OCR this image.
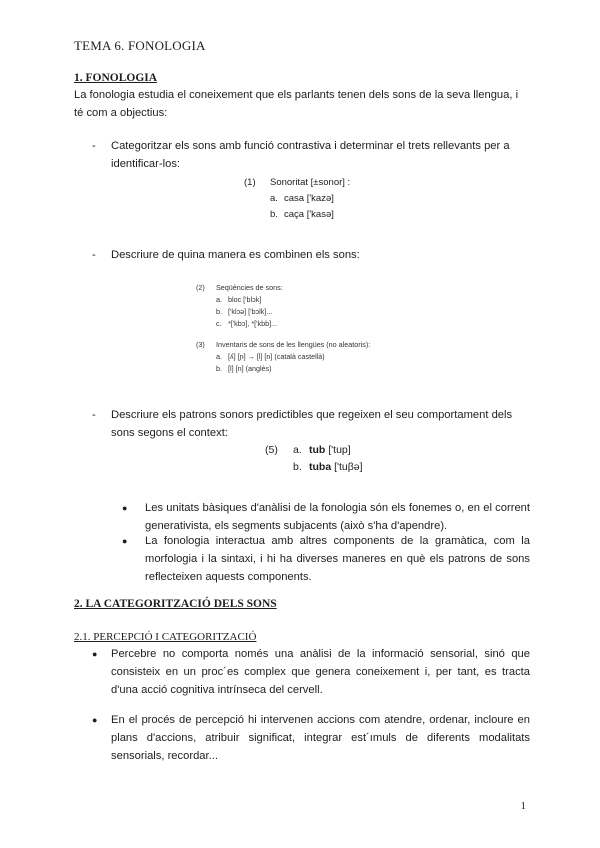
TEMA 6. FONOLOGIA
1. FONOLOGIA
La fonologia estudia el coneixement que els parlants tenen dels sons de la seva llengua, i té com a objectius:
-	Categoritzar els sons amb funció contrastiva i determinar el trets rellevants per a identificar-los:
(1) Sonoritat [±sonor] :
a. casa ['kazə]
b. caça ['kasə]
-	Descriure de quina manera es combinen els sons:
(2) Seqüències de sons:
a. bloc ['blɔk]
b. ['klɔə] ['bɔlk]...
c. *['kbɔ], *['kbb]...
(3) Inventaris de sons de les llengües (no aleatoris):
a. [ʎ] [ɲ] → [l] [n] (català castellà)
b. [l] [n] (anglès)
-	Descriure els patrons sonors predictibles que regeixen el seu comportament dels sons segons el context:
(5) a. tub ['tup]
b. tuba ['tuβə]
●	Les unitats bàsiques d'anàlisi de la fonologia són els fonemes o, en el corrent generativista, els segments subjacents (això s'ha d'apendre).
●	La fonologia interactua amb altres components de la gramàtica, com la morfologia i la sintaxi, i hi ha diverses maneres en què els patrons de sons reflecteixen aquests components.
2. LA CATEGORITZACIÓ DELS SONS
2.1. PERCEPCIÓ I CATEGORITZACIÓ
●	Percebre no comporta només una anàlisi de la informació sensorial, sinó que consisteix en un proc´es complex que genera coneixement i, per tant, es tracta d'una acció cognitiva intrínseca del cervell.
●	En el procés de percepció hi intervenen accions com atendre, ordenar, incloure en plans d'accions, atribuir significat, integrar est´ımuls de diferents modalitats sensorials, recordar...
1
